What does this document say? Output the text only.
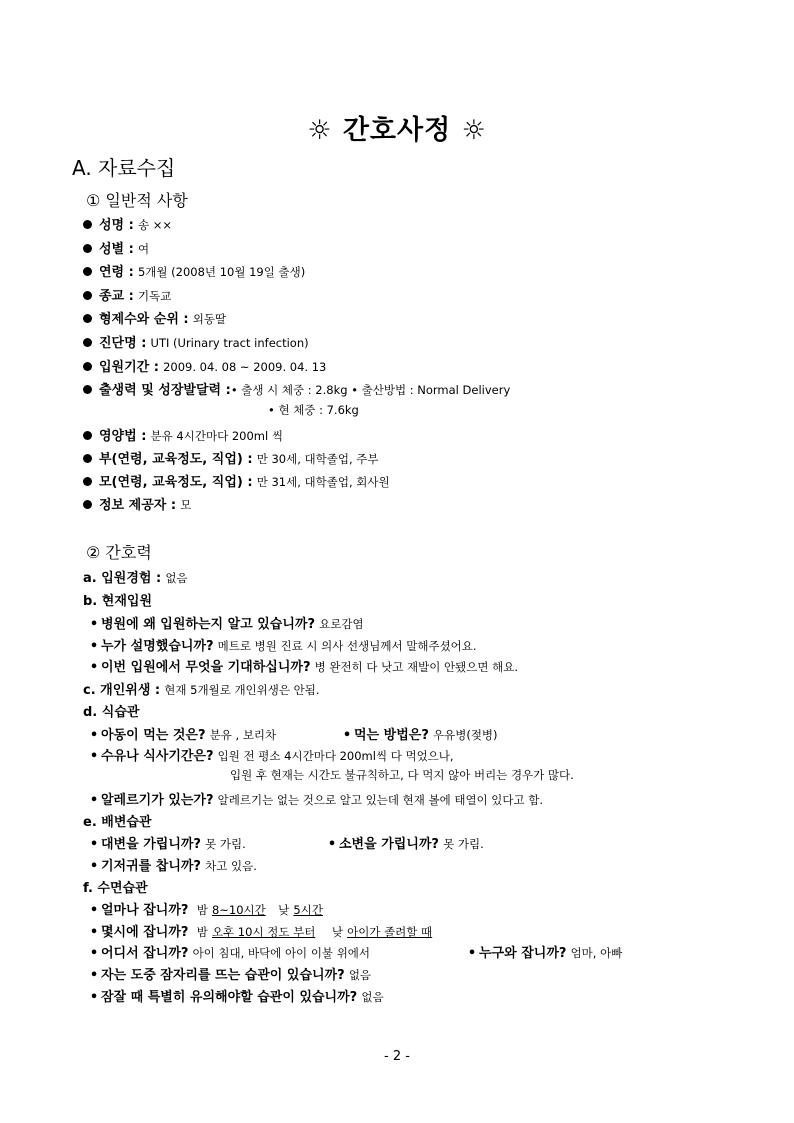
☼ 간호사정 ☼
A. 자료수집
① 일반적 사항
성명 : 송 ××
성별 : 여
연령 : 5개월 (2008년 10월 19일 출생)
종교 : 기독교
형제수와 순위 : 외동딸
진단명 : UTI (Urinary tract infection)
입원기간 : 2009. 04. 08 ~ 2009. 04. 13
출생력 및 성장발달력 :• 출생 시 체중 : 2.8kg • 출산방법 : Normal Delivery
• 현 체중 : 7.6kg
영양법 : 분유 4시간마다 200ml 씩
부(연령, 교육정도, 직업) : 만 30세, 대학졸업, 주부
모(연령, 교육정도, 직업) : 만 31세, 대학졸업, 회사원
정보 제공자 : 모
② 간호력
a. 입원경험 : 없음
b. 현재입원
• 병원에 왜 입원하는지 알고 있습니까? 요로감염
• 누가 설명했습니까? 메트로 병원 진료 시 의사 선생님께서 말해주셨어요.
• 이번 입원에서 무엇을 기대하십니까? 병 완전히 다 낫고 재발이 안됐으면 해요.
c. 개인위생 : 현재 5개월로 개인위생은 안됨.
d. 식습관
• 아동이 먹는 것은? 분유 , 보리차	• 먹는 방법은? 우유병(젖병)
• 수유나 식사기간은? 입원 전 평소 4시간마다 200ml씩 다 먹었으나,
입원 후 현재는 시간도 불규칙하고, 다 먹지 않아 버리는 경우가 많다.
• 알레르기가 있는가? 알레르기는 없는 것으로 알고 있는데 현재 볼에 태열이 있다고 함.
e. 배변습관
• 대변을 가립니까? 못 가림.	• 소변을 가립니까? 못 가림.
• 기저귀를 찹니까? 차고 있음.
f. 수면습관
• 얼마나 잡니까? 밤 8~10시간 낮 5시간
• 몇시에 잡니까? 밤 오후 10시 정도 부터 낮 아이가 졸려할 때
• 어디서 잡니까? 아이 침대, 바닥에 아이 이불 위에서	• 누구와 잡니까? 엄마, 아빠
• 자는 도중 잠자리를 뜨는 습관이 있습니까? 없음
• 잠잘 때 특별히 유의해야할 습관이 있습니까? 없음
- 2 -
